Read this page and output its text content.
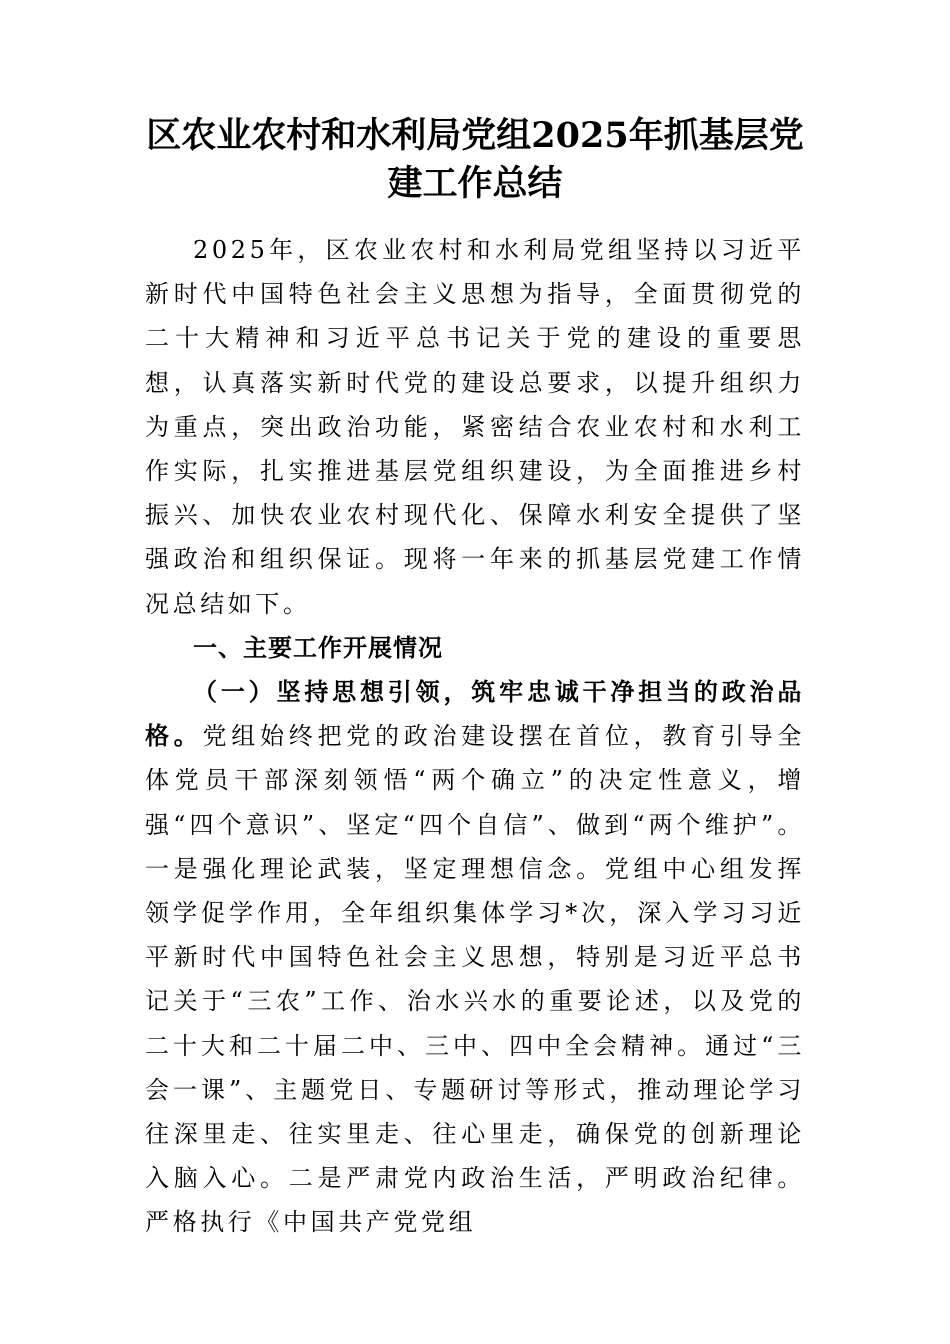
区农业农村和水利局党组2025年抓基层党建工作总结

2025年，区农业农村和水利局党组坚持以习近平新时代中国特色社会主义思想为指导，全面贯彻党的二十大精神和习近平总书记关于党的建设的重要思想，认真落实新时代党的建设总要求，以提升组织力为重点，突出政治功能，紧密结合农业农村和水利工作实际，扎实推进基层党组织建设，为全面推进乡村振兴、加快农业农村现代化、保障水利安全提供了坚强政治和组织保证。现将一年来的抓基层党建工作情况总结如下。

一、主要工作开展情况

（一）坚持思想引领，筑牢忠诚干净担当的政治品格。党组始终把党的政治建设摆在首位，教育引导全体党员干部深刻领悟“两个确立”的决定性意义，增强“四个意识”、坚定“四个自信”、做到“两个维护”。一是强化理论武装，坚定理想信念。党组中心组发挥领学促学作用，全年组织集体学习*次，深入学习习近平新时代中国特色社会主义思想，特别是习近平总书记关于“三农”工作、治水兴水的重要论述，以及党的二十大和二十届二中、三中、四中全会精神。通过“三会一课”、主题党日、专题研讨等形式，推动理论学习往深里走、往实里走、往心里走，确保党的创新理论入脑入心。二是严肃党内政治生活，严明政治纪律。严格执行《中国共产党党组
